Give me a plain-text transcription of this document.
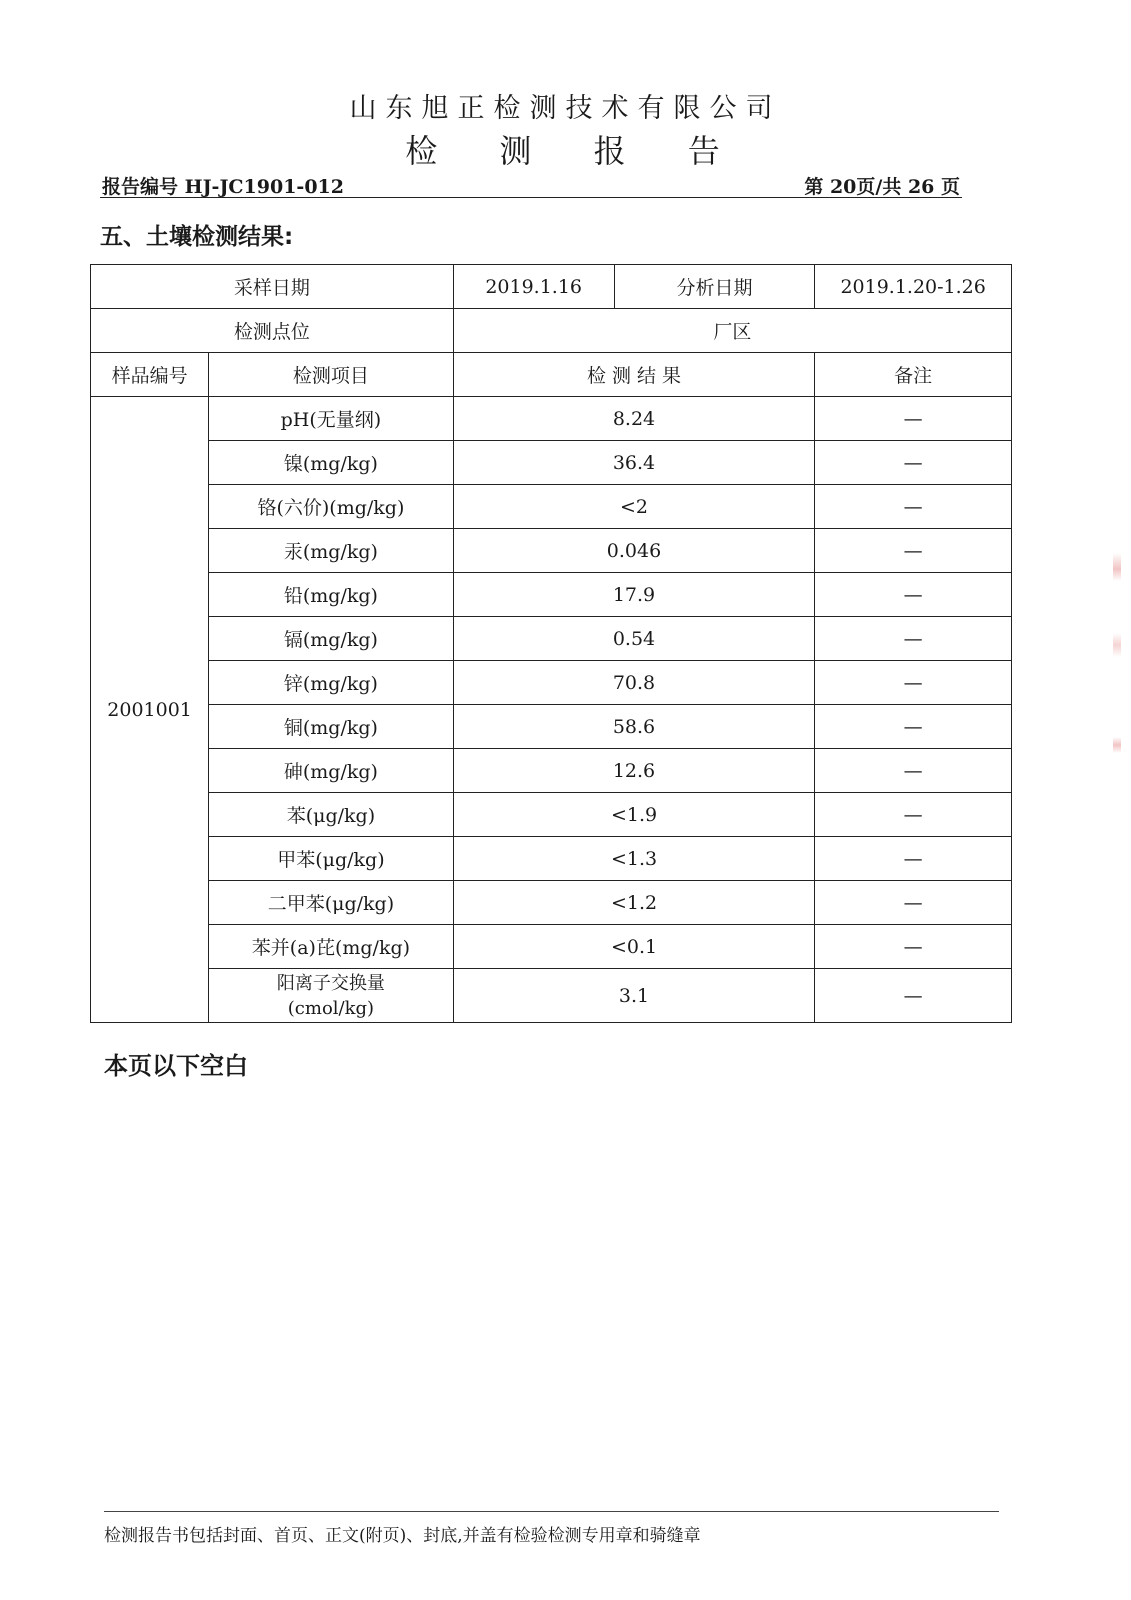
山东旭正检测技术有限公司
检 测 报 告
报告编号 HJ-JC1901-012	第 20页/共 26 页
五、土壤检测结果:
采样日期		2019.1.16	分析日期	2019.1.20-1.26
检测点位		厂区		
样品编号	检测项目	检 测 结 果		备注
2001001	pH(无量纲)	8.24		—
	镍(mg/kg)	36.4		—
	铬(六价)(mg/kg)	<2		—
	汞(mg/kg)	0.046		—
	铅(mg/kg)	17.9		—
	镉(mg/kg)	0.54		—
	锌(mg/kg)	70.8		—
	铜(mg/kg)	58.6		—
	砷(mg/kg)	12.6		—
	苯(μg/kg)	<1.9		—
	甲苯(μg/kg)	<1.3		—
	二甲苯(μg/kg)	<1.2		—
	苯并(a)芘(mg/kg)	<0.1		—

	阳离子交换量
(cmol/kg)	3.1		—
本页以下空白
检测报告书包括封面、首页、正文(附页)、封底,并盖有检验检测专用章和骑缝章
